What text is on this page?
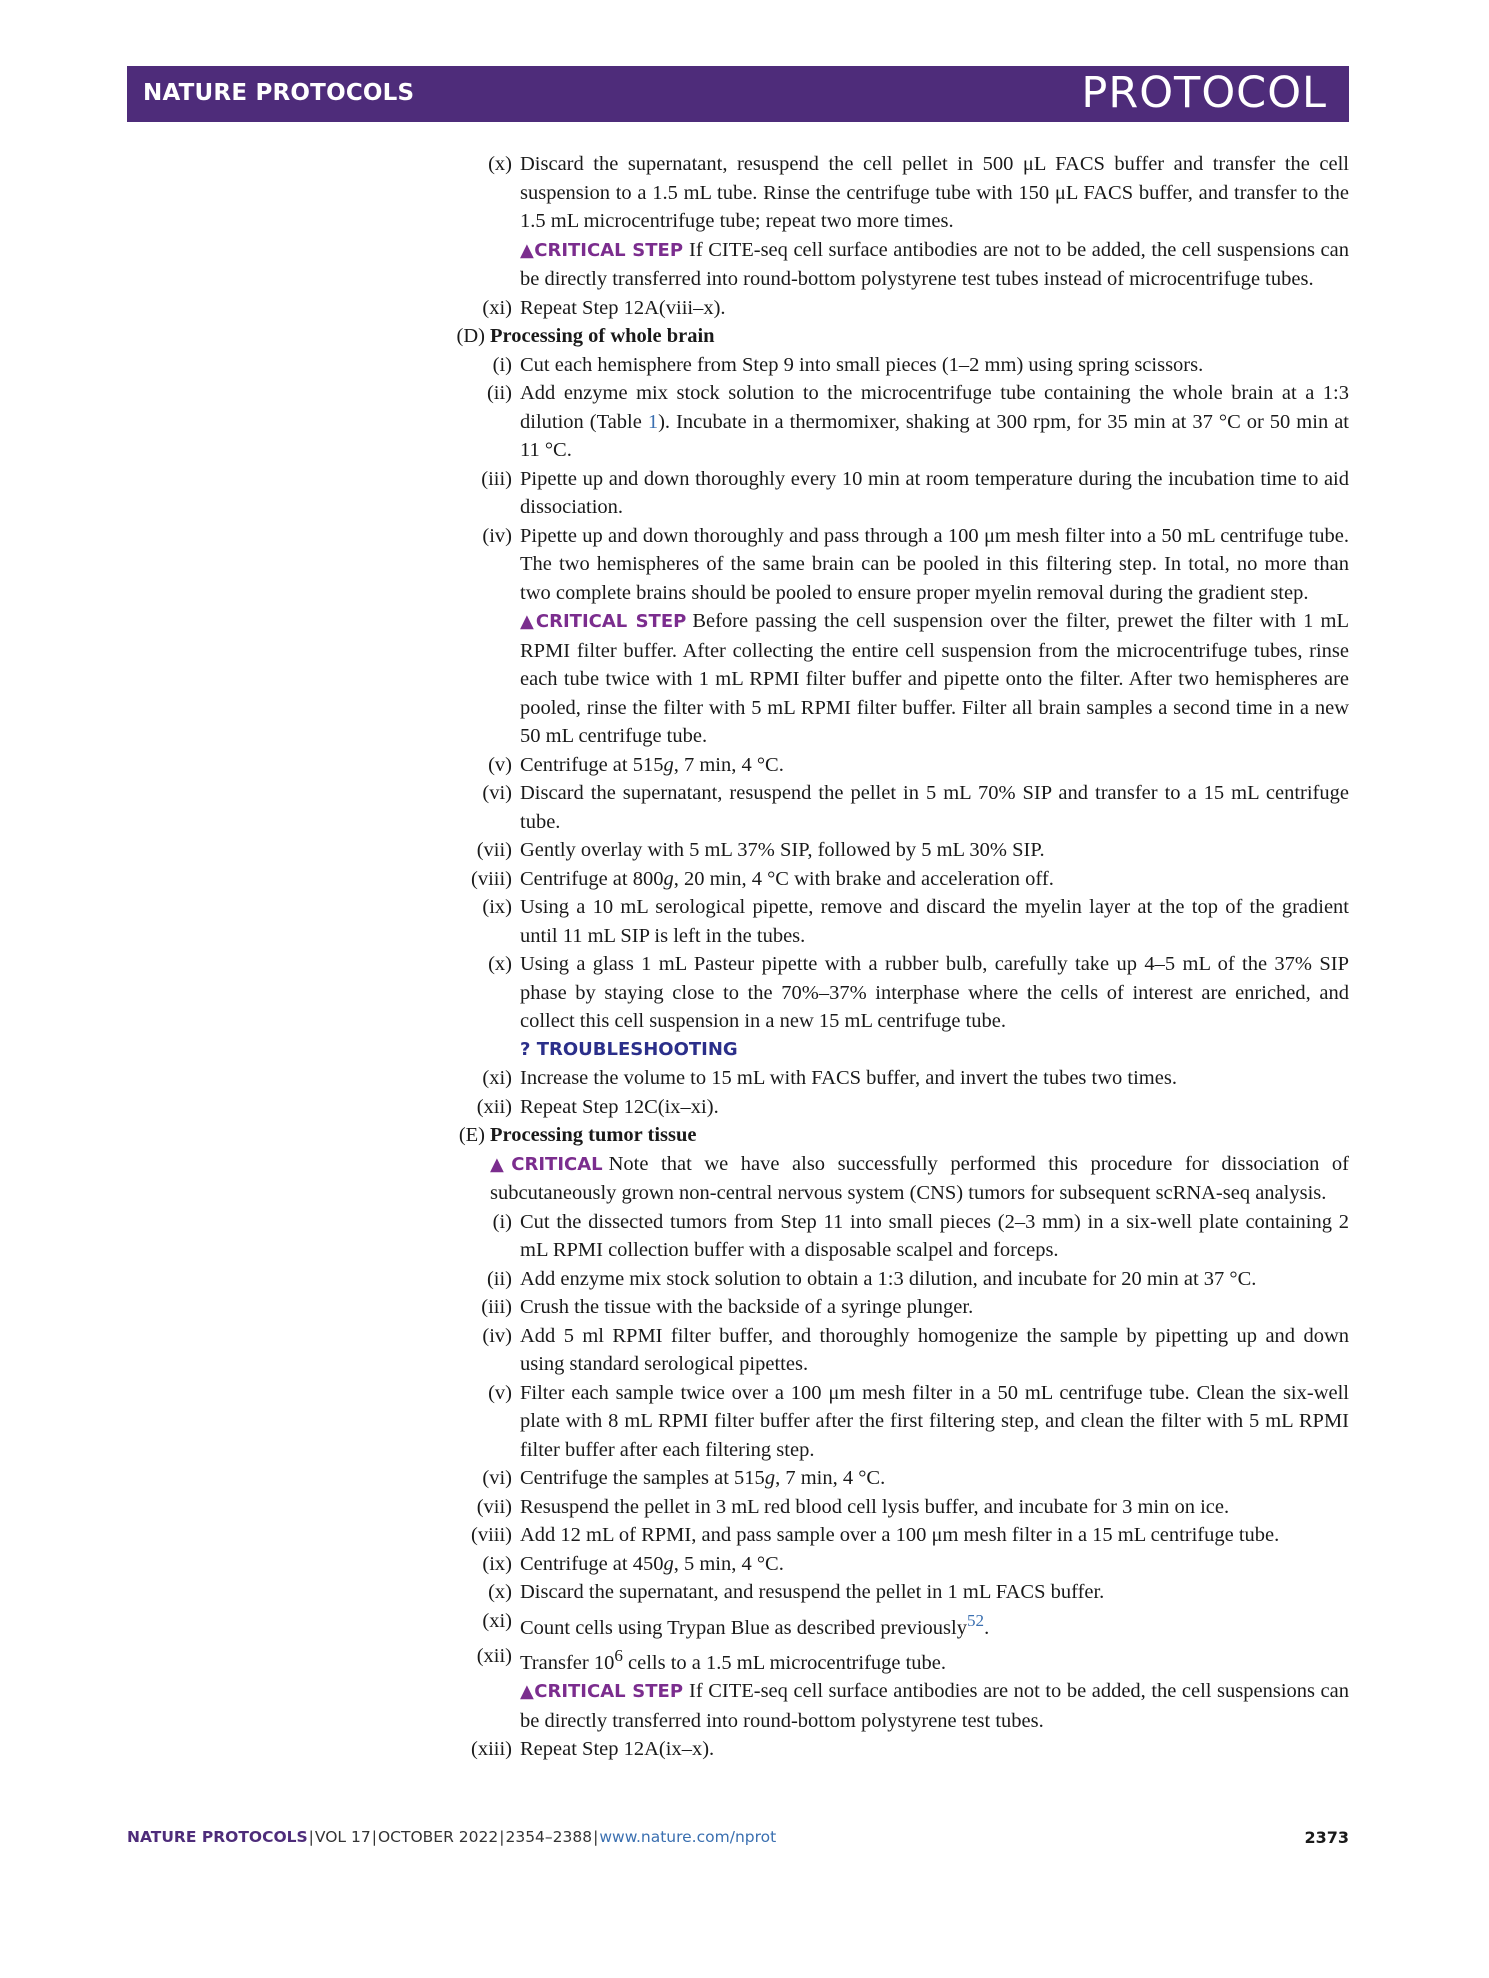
NATURE PROTOCOLS	PROTOCOL
(x) Discard the supernatant, resuspend the cell pellet in 500 μL FACS buffer and transfer the cell suspension to a 1.5 mL tube. Rinse the centrifuge tube with 150 μL FACS buffer, and transfer to the 1.5 mL microcentrifuge tube; repeat two more times.
▲CRITICAL STEP If CITE-seq cell surface antibodies are not to be added, the cell suspensions can be directly transferred into round-bottom polystyrene test tubes instead of microcentrifuge tubes.
(xi) Repeat Step 12A(viii–x).
(D) Processing of whole brain
(i) Cut each hemisphere from Step 9 into small pieces (1–2 mm) using spring scissors.
(ii) Add enzyme mix stock solution to the microcentrifuge tube containing the whole brain at a 1:3 dilution (Table 1). Incubate in a thermomixer, shaking at 300 rpm, for 35 min at 37 °C or 50 min at 11 °C.
(iii) Pipette up and down thoroughly every 10 min at room temperature during the incubation time to aid dissociation.
(iv) Pipette up and down thoroughly and pass through a 100 μm mesh filter into a 50 mL centrifuge tube. The two hemispheres of the same brain can be pooled in this filtering step. In total, no more than two complete brains should be pooled to ensure proper myelin removal during the gradient step.
▲CRITICAL STEP Before passing the cell suspension over the filter, prewet the filter with 1 mL RPMI filter buffer. After collecting the entire cell suspension from the microcentrifuge tubes, rinse each tube twice with 1 mL RPMI filter buffer and pipette onto the filter. After two hemispheres are pooled, rinse the filter with 5 mL RPMI filter buffer. Filter all brain samples a second time in a new 50 mL centrifuge tube.
(v) Centrifuge at 515g, 7 min, 4 °C.
(vi) Discard the supernatant, resuspend the pellet in 5 mL 70% SIP and transfer to a 15 mL centrifuge tube.
(vii) Gently overlay with 5 mL 37% SIP, followed by 5 mL 30% SIP.
(viii) Centrifuge at 800g, 20 min, 4 °C with brake and acceleration off.
(ix) Using a 10 mL serological pipette, remove and discard the myelin layer at the top of the gradient until 11 mL SIP is left in the tubes.
(x) Using a glass 1 mL Pasteur pipette with a rubber bulb, carefully take up 4–5 mL of the 37% SIP phase by staying close to the 70%–37% interphase where the cells of interest are enriched, and collect this cell suspension in a new 15 mL centrifuge tube.
? TROUBLESHOOTING
(xi) Increase the volume to 15 mL with FACS buffer, and invert the tubes two times.
(xii) Repeat Step 12C(ix–xi).
(E) Processing tumor tissue
▲CRITICAL Note that we have also successfully performed this procedure for dissociation of subcutaneously grown non-central nervous system (CNS) tumors for subsequent scRNA-seq analysis.
(i) Cut the dissected tumors from Step 11 into small pieces (2–3 mm) in a six-well plate containing 2 mL RPMI collection buffer with a disposable scalpel and forceps.
(ii) Add enzyme mix stock solution to obtain a 1:3 dilution, and incubate for 20 min at 37 °C.
(iii) Crush the tissue with the backside of a syringe plunger.
(iv) Add 5 ml RPMI filter buffer, and thoroughly homogenize the sample by pipetting up and down using standard serological pipettes.
(v) Filter each sample twice over a 100 μm mesh filter in a 50 mL centrifuge tube. Clean the six-well plate with 8 mL RPMI filter buffer after the first filtering step, and clean the filter with 5 mL RPMI filter buffer after each filtering step.
(vi) Centrifuge the samples at 515g, 7 min, 4 °C.
(vii) Resuspend the pellet in 3 mL red blood cell lysis buffer, and incubate for 3 min on ice.
(viii) Add 12 mL of RPMI, and pass sample over a 100 μm mesh filter in a 15 mL centrifuge tube.
(ix) Centrifuge at 450g, 5 min, 4 °C.
(x) Discard the supernatant, and resuspend the pellet in 1 mL FACS buffer.
(xi) Count cells using Trypan Blue as described previously$^{52}$.
(xii) Transfer $10^6$ cells to a 1.5 mL microcentrifuge tube.
▲CRITICAL STEP If CITE-seq cell surface antibodies are not to be added, the cell suspensions can be directly transferred into round-bottom polystyrene test tubes.
(xiii) Repeat Step 12A(ix–x).
NATURE PROTOCOLS|VOL 17|OCTOBER 2022|2354–2388|www.nature.com/nprot	2373
